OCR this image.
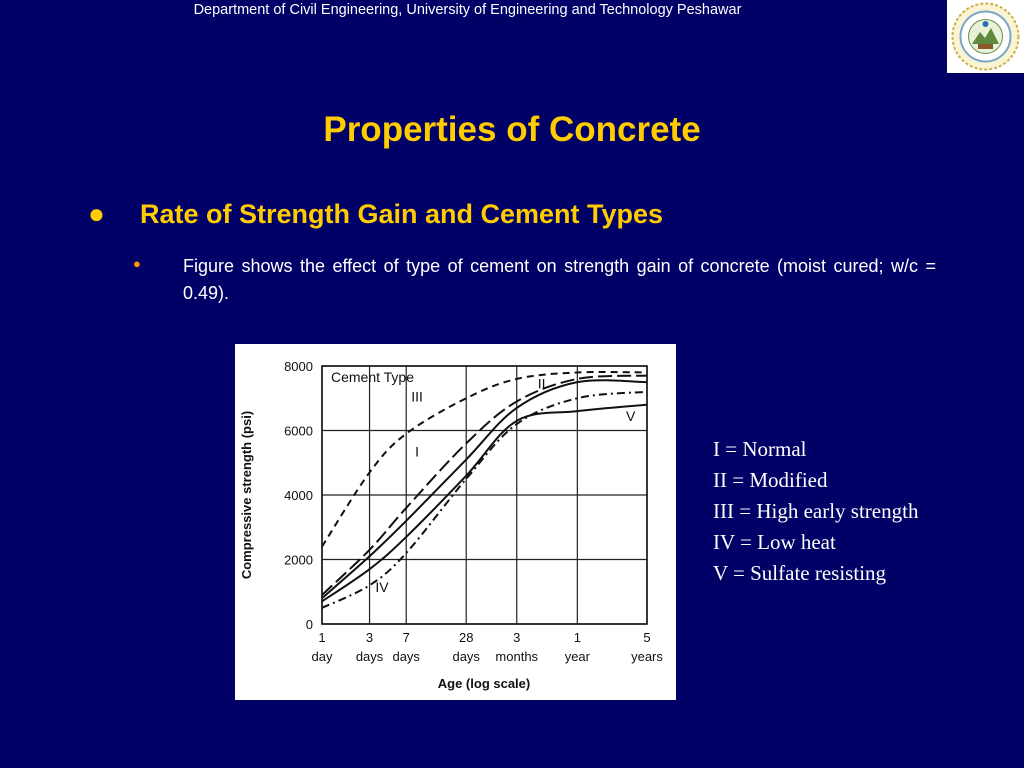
Department of Civil Engineering, University of Engineering and Technology Peshawar
Properties of Concrete
● Rate of Strength Gain and Cement Types
● Figure shows the effect of type of cement on strength gain of concrete (moist cured; w/c = 0.49).
I
II
III
IV
V
0
2000
4000
6000
8000
1
day
3
days
7
days
28
days
3
months
1
year
5
years
Cement Type
Compressive strength (psi)
Age (log scale)
I = Normal
II = Modified
III = High early strength
IV = Low heat
V = Sulfate resisting
